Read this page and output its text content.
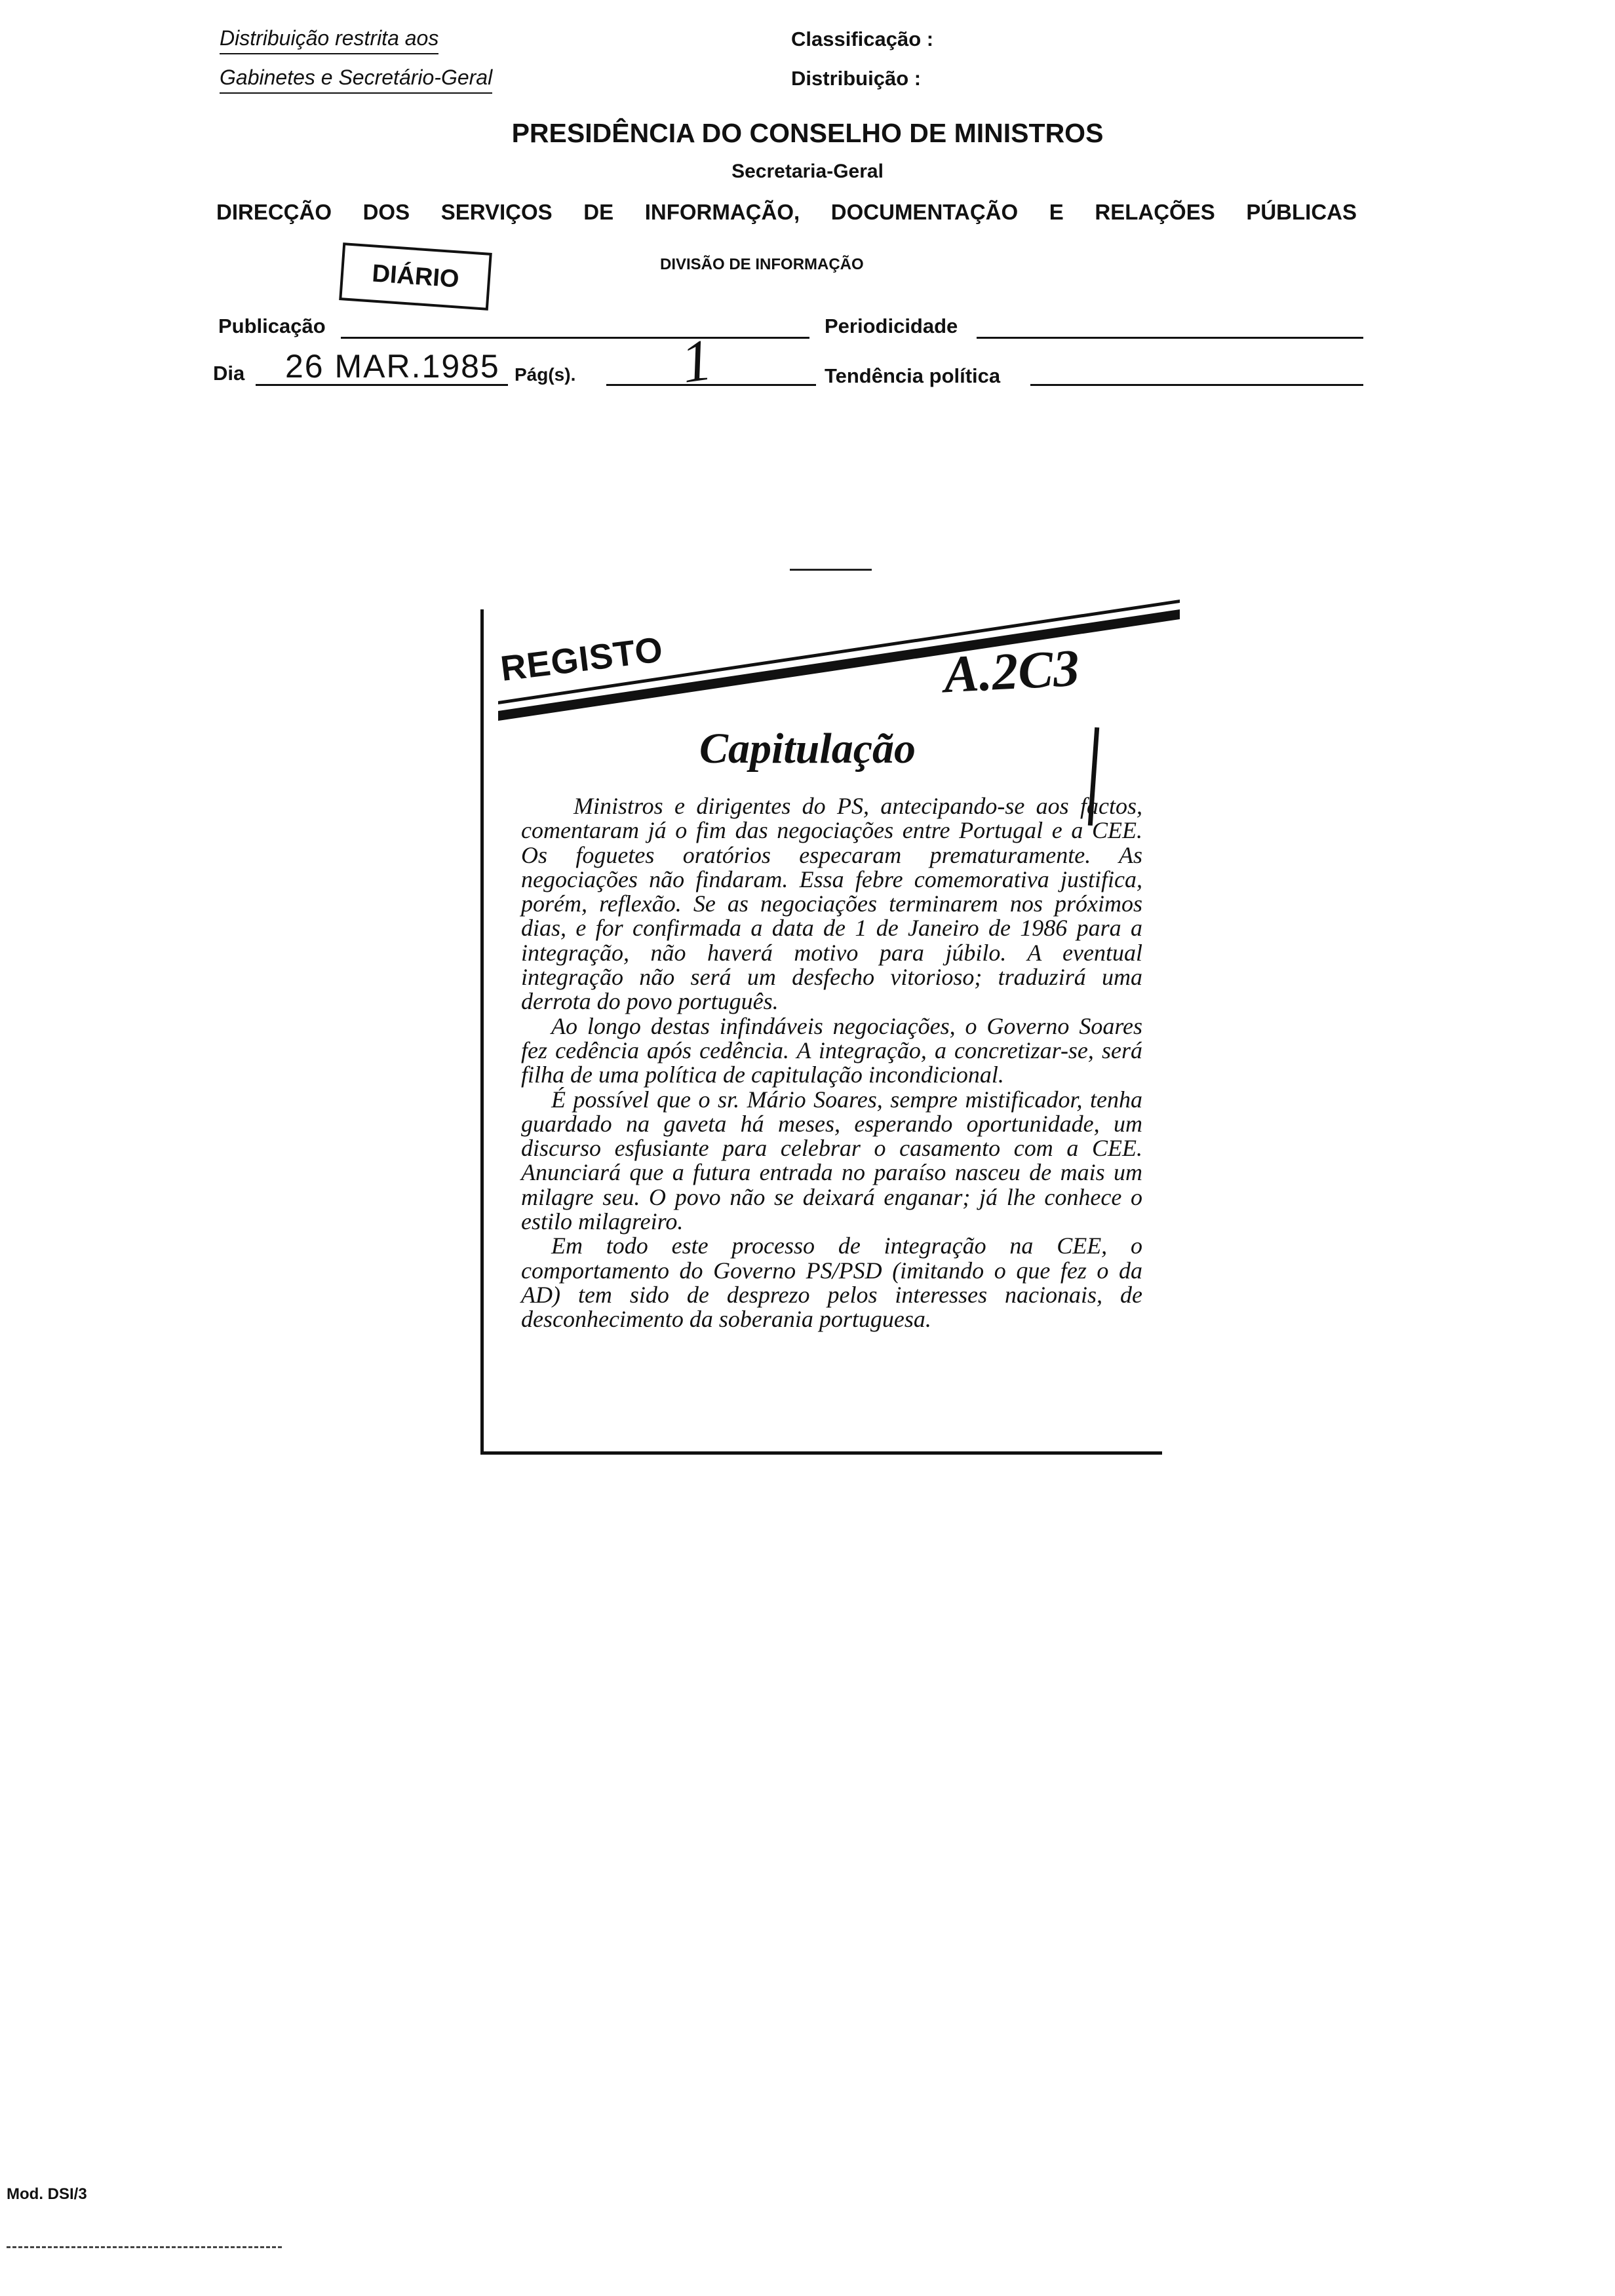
Distribuição restrita aos
Gabinetes e Secretário-Geral
Classificação :
Distribuição :
PRESIDÊNCIA DO CONSELHO DE MINISTROS
Secretaria-Geral
DIRECÇÃO DOS SERVIÇOS DE INFORMAÇÃO, DOCUMENTAÇÃO E RELAÇÕES PÚBLICAS
DIVISÃO DE INFORMAÇÃO
DIÁRIO
Publicação	Periodicidade
Dia 26 MAR.1985 Pág(s). 1	Tendência política
REGISTO	A.2C3
Capitulação

Ministros e dirigentes do PS, antecipando-se aos factos, comentaram já o fim das negociações entre Portugal e a CEE. Os foguetes oratórios especaram prematuramente. As negociações não findaram. Essa febre comemorativa justifica, porém, reflexão. Se as negociações terminarem nos próximos dias, e for confirmada a data de 1 de Janeiro de 1986 para a integração, não haverá motivo para júbilo. A eventual integração não será um desfecho vitorioso; traduzirá uma derrota do povo português.

Ao longo destas infindáveis negociações, o Governo Soares fez cedência após cedência. A integração, a concretizar-se, será filha de uma política de capitulação incondicional.

É possível que o sr. Mário Soares, sempre mistificador, tenha guardado na gaveta há meses, esperando oportunidade, um discurso esfusiante para celebrar o casamento com a CEE. Anunciará que a futura entrada no paraíso nasceu de mais um milagre seu. O povo não se deixará enganar; já lhe conhece o estilo milagreiro.

Em todo este processo de integração na CEE, o comportamento do Governo PS/PSD (imitando o que fez o da AD) tem sido de desprezo pelos interesses nacionais, de desconhecimento da soberania portuguesa.

Mod. DSI/3
